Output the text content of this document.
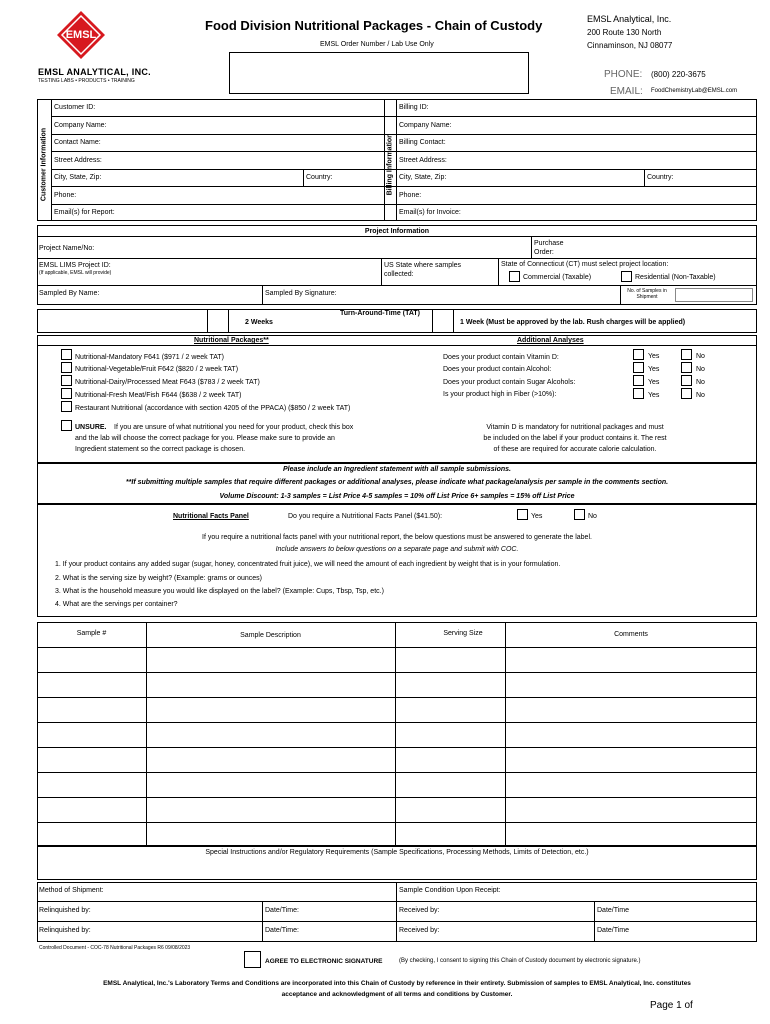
EMSL
EMSL ANALYTICAL, INC.
TESTING LABS • PRODUCTS • TRAINING
Food Division Nutritional Packages - Chain of Custody
EMSL Order Number / Lab Use Only
EMSL Analytical, Inc.
200 Route 130 North
Cinnaminson, NJ 08077
PHONE: (800) 220-3675
EMAIL: FoodChemistryLab@EMSL.com
Customer Information	Billing Information
Customer ID:
Company Name:
Contact Name:
Street Address:
City, State, Zip:	Country:
Phone:
Email(s) for Report:
Billing ID:
Company Name:
Billing Contact:
Street Address:
City, State, Zip:	Country:
Phone:
Email(s) for Invoice:
Project Information
Project Name/No:
Purchase Order:
EMSL LIMS Project ID:
(If applicable, EMSL will provide)
US State where samples collected:
State of Connecticut (CT) must select project location:
Commercial (Taxable)	Residential (Non-Taxable)
Sampled By Name:	Sampled By Signature:	No. of Samples in Shipment
Turn-Around-Time (TAT)
2 Weeks	1 Week (Must be approved by the lab. Rush charges will be applied)
Nutritional Packages**	Additional Analyses
Nutritional-Mandatory F641 ($971 / 2 week TAT)
Nutritional-Vegetable/Fruit F642 ($820 / 2 week TAT)
Nutritional-Dairy/Processed Meat F643 ($783 / 2 week TAT)
Nutritional-Fresh Meat/Fish F644 ($638 / 2 week TAT)
Restaurant Nutritional (accordance with section 4205 of the PPACA) ($850 / 2 week TAT)
UNSURE. If you are unsure of what nutritional you need for your product, check this box
and the lab will choose the correct package for you. Please make sure to provide an
Ingredient statement so the correct package is chosen.
Does your product contain Vitamin D:
Does your product contain Alcohol:
Does your product contain Sugar Alcohols:
Is your product high in Fiber (>10%):
Yes	No
Yes	No
Yes	No
Yes	No
Vitamin D is mandatory for nutritional packages and must
be included on the label if your product contains it. The rest
of these are required for accurate calorie calculation.
Please include an Ingredient statement with all sample submissions.
**If submitting multiple samples that require different packages or additional analyses, please indicate what package/analysis per sample in the comments section.
Volume Discount: 1-3 samples = List Price 4-5 samples = 10% off List Price 6+ samples = 15% off List Price
Nutritional Facts Panel	Do you require a Nutritional Facts Panel ($41.50):	Yes	No
If you require a nutritional facts panel with your nutritional report, the below questions must be answered to generate the label.
Include answers to below questions on a separate page and submit with COC.
1. If your product contains any added sugar (sugar, honey, concentrated fruit juice), we will need the amount of each ingredient by weight that is in your formulation.
2. What is the serving size by weight? (Example: grams or ounces)
3. What is the household measure you would like displayed on the label? (Example: Cups, Tbsp, Tsp, etc.)
4. What are the servings per container?
Sample #	Sample Description	Serving Size	Comments
Special Instructions and/or Regulatory Requirements (Sample Specifications, Processing Methods, Limits of Detection, etc.)
Method of Shipment:	Sample Condition Upon Receipt:
Relinquished by:	Date/Time:	Received by:	Date/Time
Relinquished by:	Date/Time:	Received by:	Date/Time
Controlled Document - COC-78 Nutritional Packages R6 09/08/2023
AGREE TO ELECTRONIC SIGNATURE	(By checking, I consent to signing this Chain of Custody document by electronic signature.)
EMSL Analytical, Inc.'s Laboratory Terms and Conditions are incorporated into this Chain of Custody by reference in their entirety. Submission of samples to EMSL Analytical, Inc. constitutes
acceptance and acknowledgment of all terms and conditions by Customer.
Page 1 of
